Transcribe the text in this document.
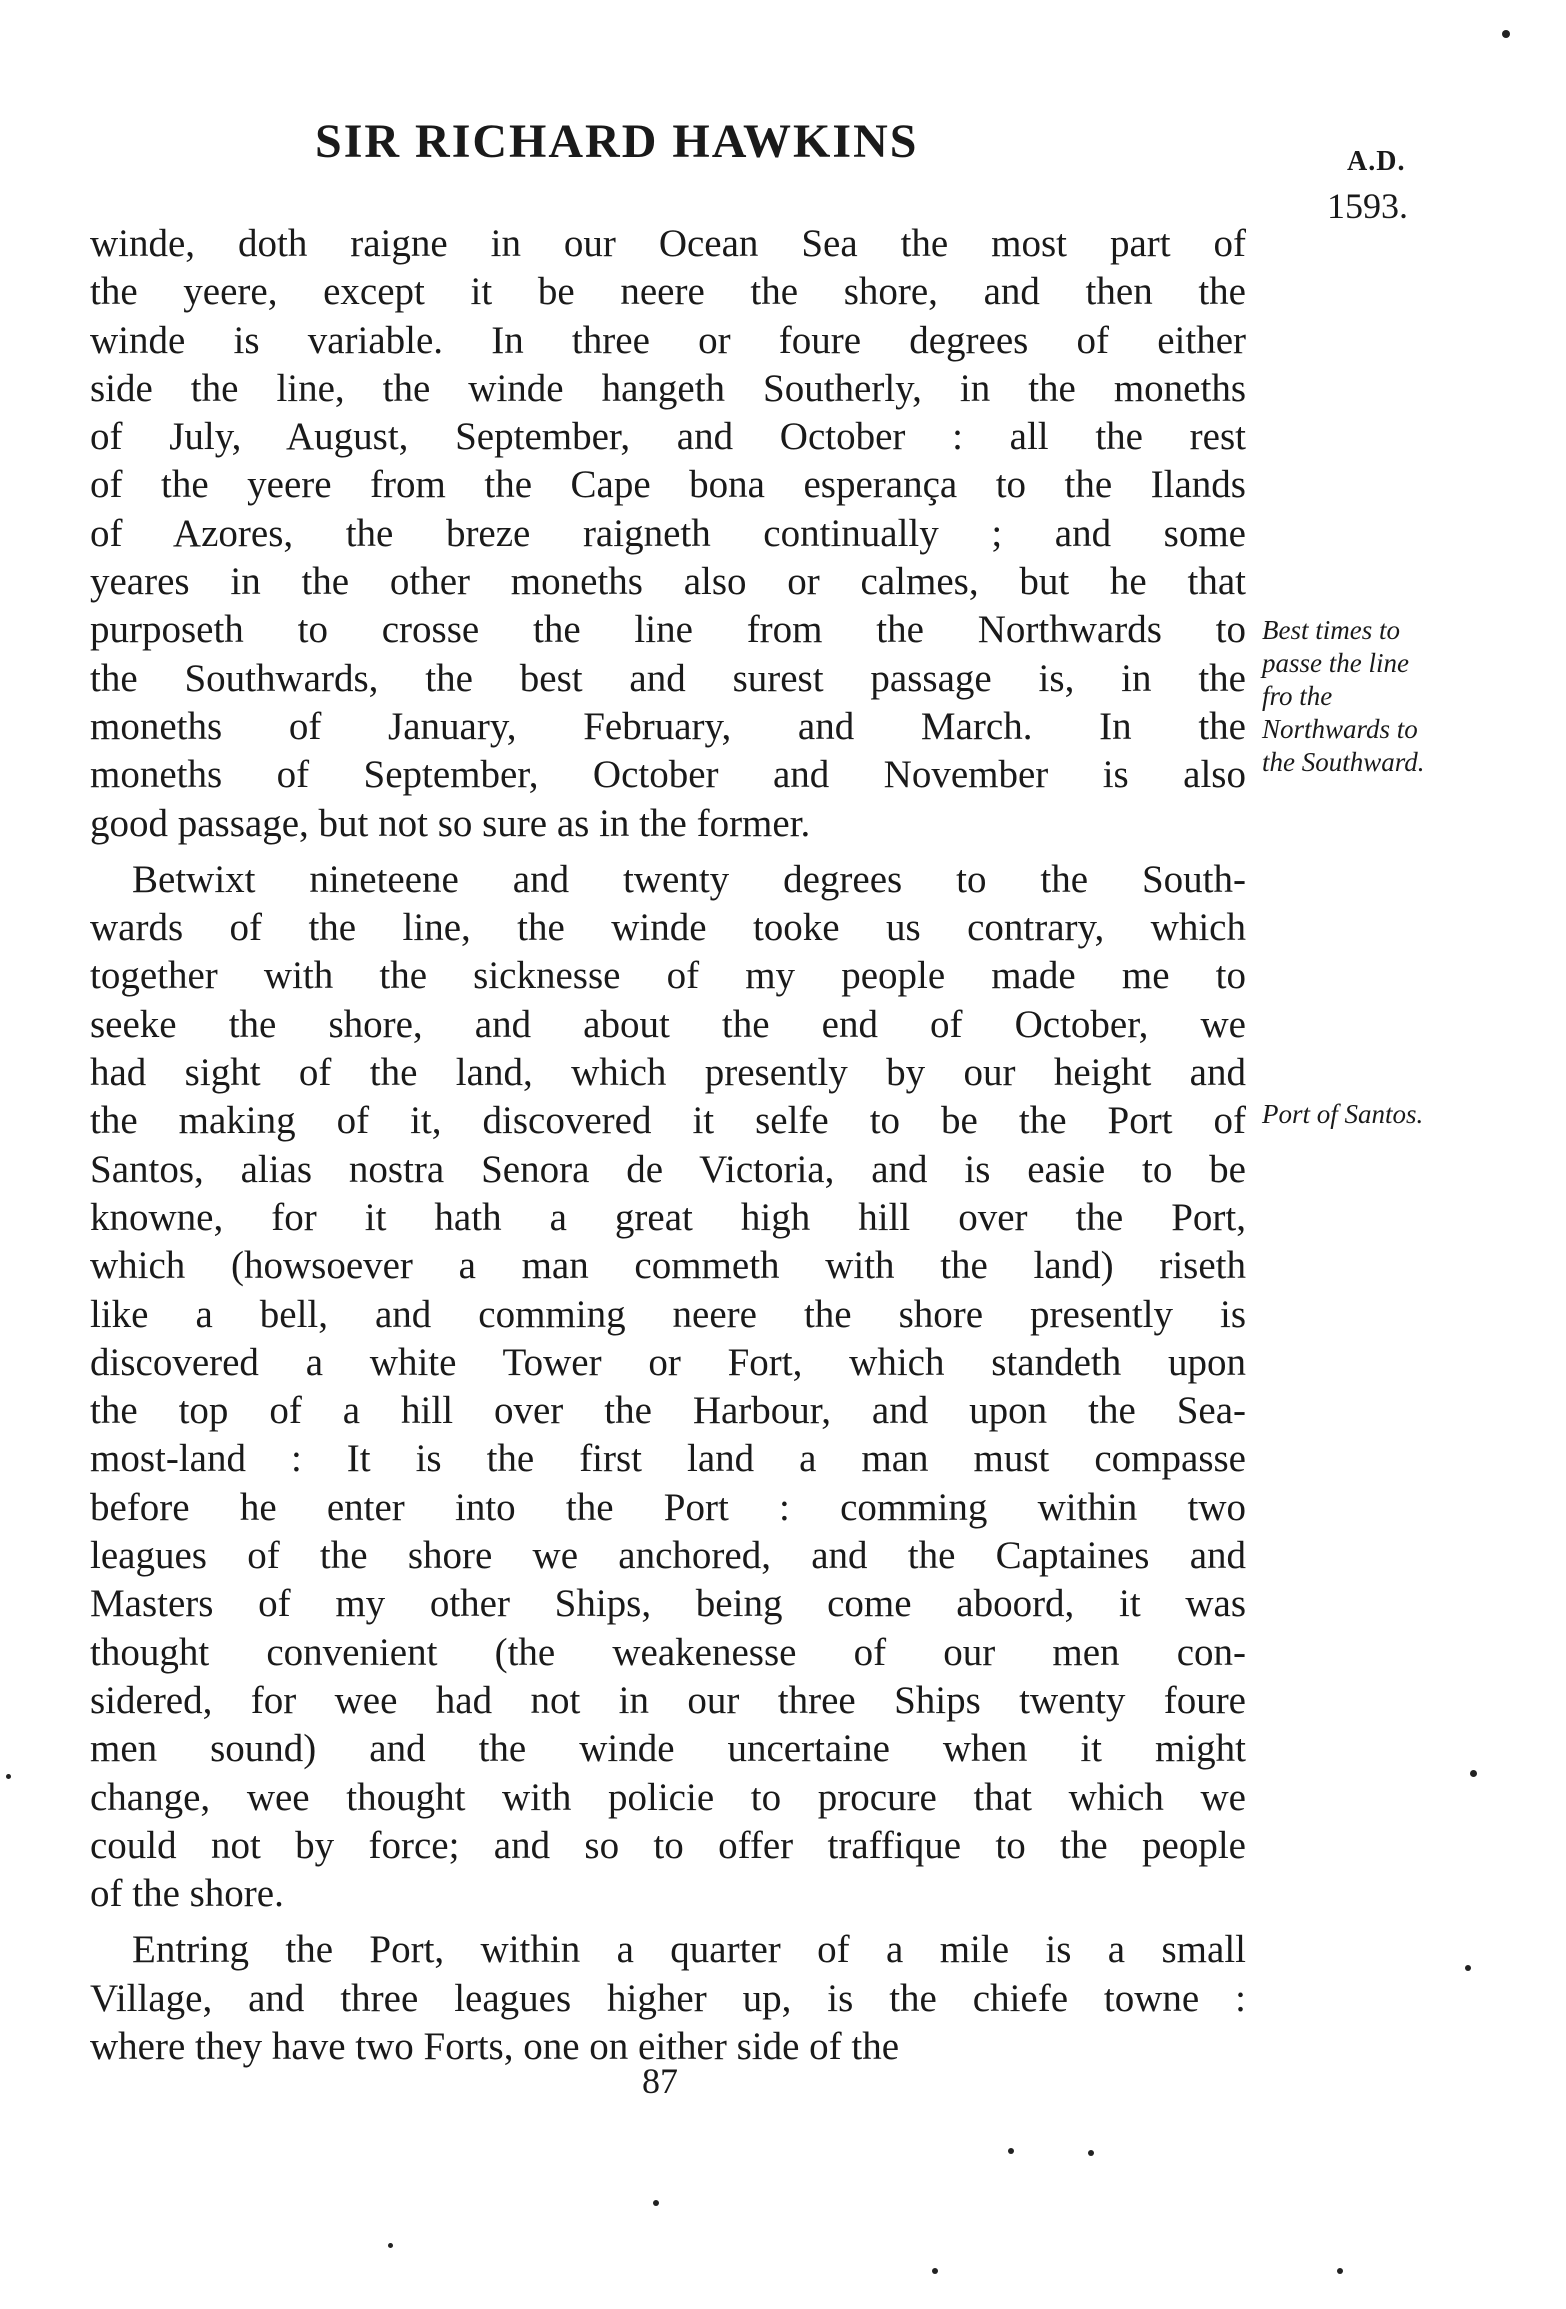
SIR RICHARD HAWKINS	A.D.
1593.
winde, doth raigne in our Ocean Sea the most part of
the yeere, except it be neere the shore, and then the
winde is variable. In three or foure degrees of either
side the line, the winde hangeth Southerly, in the moneths
of July, August, September, and October : all the rest
of the yeere from the Cape bona esperança to the Ilands
of Azores, the breze raigneth continually ; and some
yeares in the other moneths also or calmes, but he that
purposeth to crosse the line from the Northwards to
the Southwards, the best and surest passage is, in the
moneths of January, February, and March. In the
moneths of September, October and November is also
good passage, but not so sure as in the former.
Betwixt nineteene and twenty degrees to the South-
wards of the line, the winde tooke us contrary, which
together with the sicknesse of my people made me to
seeke the shore, and about the end of October, we
had sight of the land, which presently by our height and
the making of it, discovered it selfe to be the Port of
Santos, alias nostra Senora de Victoria, and is easie to be
knowne, for it hath a great high hill over the Port,
which (howsoever a man commeth with the land) riseth
like a bell, and comming neere the shore presently is
discovered a white Tower or Fort, which standeth upon
the top of a hill over the Harbour, and upon the Sea-
most-land : It is the first land a man must compasse
before he enter into the Port : comming within two
leagues of the shore we anchored, and the Captaines and
Masters of my other Ships, being come aboord, it was
thought convenient (the weakenesse of our men con-
sidered, for wee had not in our three Ships twenty foure
men sound) and the winde uncertaine when it might
change, wee thought with policie to procure that which we
could not by force; and so to offer traffique to the people
of the shore.
Entring the Port, within a quarter of a mile is a small
Village, and three leagues higher up, is the chiefe towne :
where they have two Forts, one on either side of the
Best times to
passe the line
fro the
Northwards to
the Southward.
Port of Santos.
87
